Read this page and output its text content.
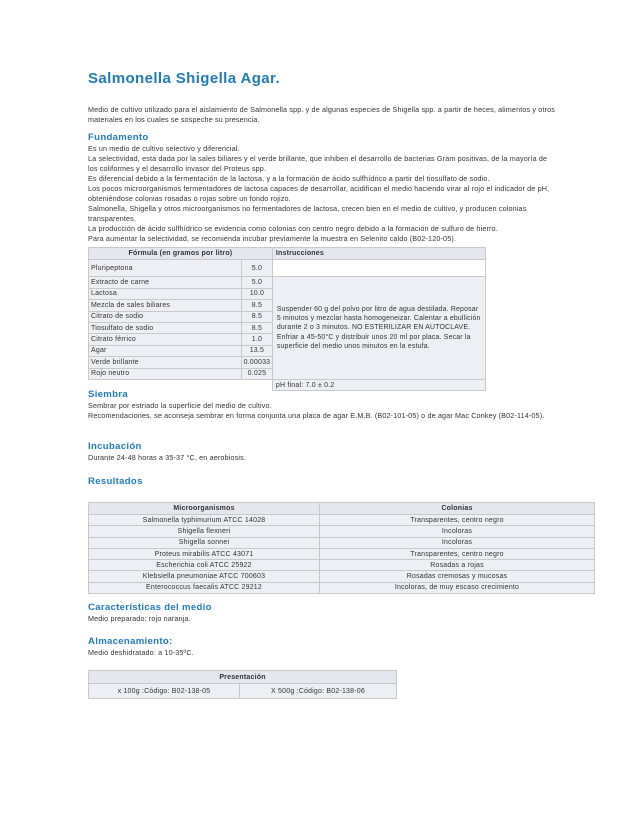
Salmonella Shigella Agar.

Medio de cultivo utilizado para el aislamiento de Salmonella spp. y de algunas especies de Shigella spp. a partir de heces, alimentos y otros materiales en los cuales se sospeche su presencia.

Fundamento

Es un medio de cultivo selectivo y diferencial.

La selectividad, esta dada por la sales biliares y el verde brillante, que inhiben el desarrollo de bacterias Gram positivas, de la mayoría de los coliformes y el desarrollo invasor del Proteus spp.

Es diferencial debido a la fermentación de la lactosa, y a la formación de ácido sulfhídrico a partir del tiosulfato de sodio.

Los pocos microorganismos fermentadores de lactosa capaces de desarrollar, acidifican el medio haciendo virar al rojo el indicador de pH, obteniéndose colonias rosadas o rojas sobre un fondo rojizo.

Salmonella, Shigella y otros microorganismos no fermentadores de lactosa, crecen bien en el medio de cultivo, y producen colonias transparentes.

La producción de ácido sulfhídrico se evidencia como colonias con centro negro debido a la formación de sulfuro de hierro.

Para aumentar la selectividad, se recomienda incubar previamente la muestra en Selenito caldo (B02-120-05).

Fórmula (en gramos por litro)		Instrucciones
Pluripeptona	5.0	
Extracto de carne	5.0	Suspender 60 g del polvo por litro de agua destilada. Reposar 5 minutos y mezclar hasta homogeneizar. Calentar a ebullición durante 2 o 3 minutos. NO ESTERILIZAR EN AUTOCLAVE. Enfriar a 45-50°C y distribuir unos 20 ml por placa. Secar la superficie del medio unos minutos en la estufa.
Lactosa	10.0	
Mezcla de sales biliares	8.5	
Citrato de sodio	8.5	
Tiosulfato de sodio	8.5	
Citrato férrico	1.0	
Agar	13.5	
Verde brillante	0.00033	
Rojo neutro	0.025	
		pH final: 7.0 ± 0.2
Siembra

Sembrar por estriado la superficie del medio de cultivo.

Recomendaciones, se aconseja sembrar en forma conjunta una placa de agar E.M.B. (B02-101-05) o de agar Mac Conkey (B02-114-05).

Incubación
Durante 24-48 horas a 35-37 °C, en aerobiosis.
Resultados
Microorganismos	Colonias
Salmonella typhimurium ATCC 14028	Transparentes, centro negro
Shigella flexneri	Incoloras
Shigella sonnei	Incoloras
Proteus mirabilis ATCC 43071	Transparentes, centro negro
Escherichia coli ATCC 25922	Rosadas a rojas
Klebsiella pneumoniae ATCC 700603	Rosadas cremosas y mucosas
Enterococcus faecalis ATCC 29212	Incoloras, de muy escaso crecimiento
Características del medio
Medio preparado: rojo naranja.
Almacenamiento:
Medio deshidratado: a 10-35ºC.
Presentación
x 100g :Código: B02-138-05	X 500g :Código: B02-138-06
